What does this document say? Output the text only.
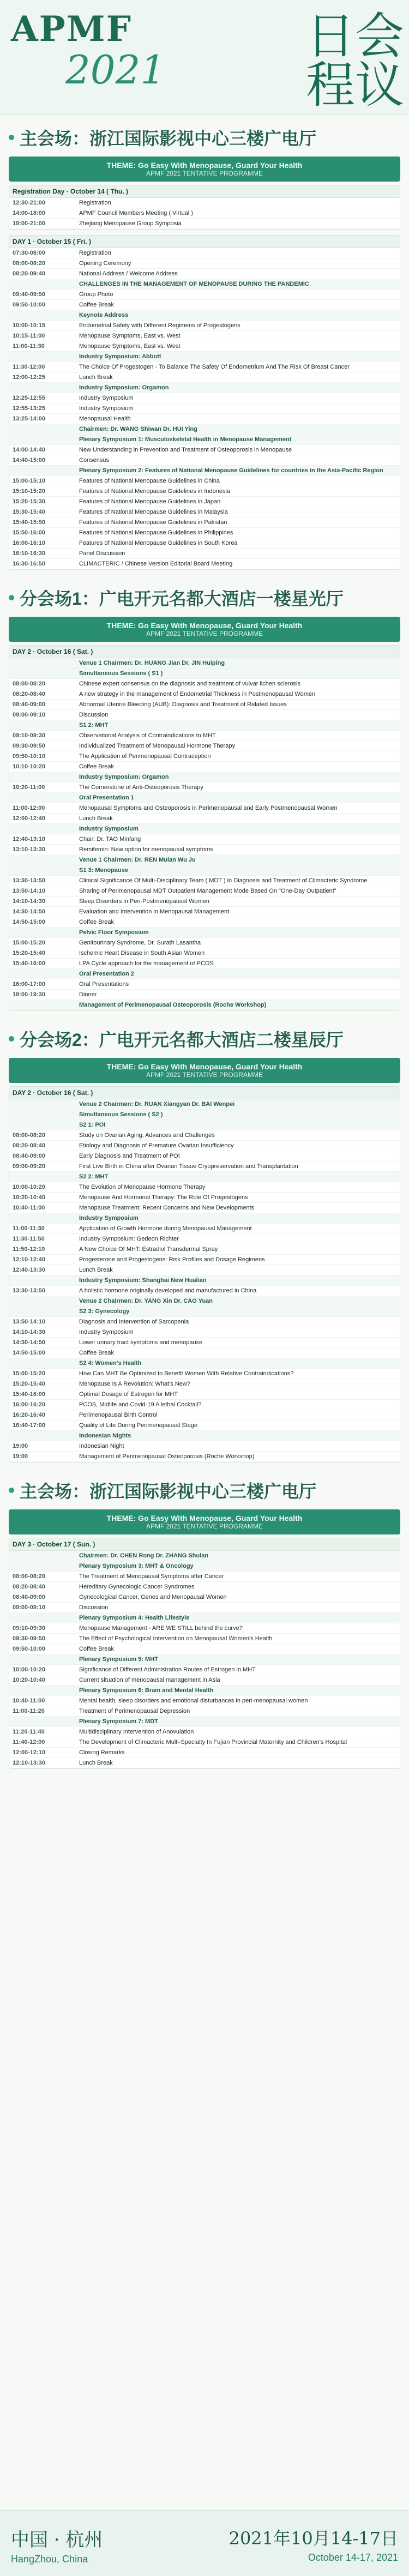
APMF
2021	会议日程
主会场：浙江国际影视中心三楼广电厅
THEME: Go Easy With Menopause, Guard Your Health
APMF 2021 TENTATIVE PROGRAMME
Registration Day · October 14 ( Thu. )
12:30-21:00	Registration
14:00-18:00	APMF Council Members Meeting ( Virtual )
19:00-21:00	Zhejiang Menopause Group Symposia
DAY 1 · October 15 ( Fri. )
07:30-08:00	Registration
08:00-08:20	Opening Ceremony
08:20-09:40	National Address / Welcome Address
	CHALLENGES IN THE MANAGEMENT OF MENOPAUSE DURING THE PANDEMIC
09:40-09:50	Group Photo
09:50-10:00	Coffee Break
	Keynote Address
10:00-10:15	Endometrial Safety with Different Regimens of Progestogens
10:15-11:00	Menopause Symptoms, East vs. West
11:00-11:30	Menopause Symptoms, East vs. West
	Industry Symposium: Abbott
11:30-12:00	The Choice Of Progestogen - To Balance The Safety Of Endometrium And The Risk Of Breast Cancer
12:00-12:25	Lunch Break
	Industry Symposium: Orgamon
12:25-12:55	Industry Symposium
12:55-13:25	Industry Symposium
13:25-14:00	Menopausal Health
	Chairmen: Dr. WANG Shiwan Dr. HUI Ying
	Plenary Symposium 1: Musculoskeletal Health in Menopause Management
14:00-14:40	New Understanding in Prevention and Treatment of Osteoporosis in Menopause
14:40-15:00	Consensus
	Plenary Symposium 2: Features of National Menopause Guidelines for countries in the Asia-Pacific Region
15:00-15:10	Features of National Menopause Guidelines in China
15:10-15:20	Features of National Menopause Guidelines in Indonesia
15:20-15:30	Features of National Menopause Guidelines in Japan
15:30-15:40	Features of National Menopause Guidelines in Malaysia
15:40-15:50	Features of National Menopause Guidelines in Pakistan
15:50-16:00	Features of National Menopause Guidelines in Philippines
16:00-16:10	Features of National Menopause Guidelines in South Korea
16:10-16:30	Panel Discussion
16:30-16:50	CLIMACTERIC / Chinese Version Editorial Board Meeting
分会场1：广电开元名都大酒店一楼星光厅
THEME: Go Easy With Menopause, Guard Your Health
APMF 2021 TENTATIVE PROGRAMME
DAY 2 · October 16 ( Sat. )
	Venue 1 Chairmen: Dr. HUANG Jian Dr. JIN Huiping
	Simultaneous Sessions ( S1 )
08:00-08:20	Chinese expert consensus on the diagnosis and treatment of vulvar lichen sclerosis
08:20-08:40	A new strategy in the management of Endometrial Thickness in Postmenopausal Women
08:40-09:00	Abnormal Uterine Bleeding (AUB): Diagnosis and Treatment of Related Issues
09:00-09:10	Discussion
	S1 2: MHT
09:10-09:30	Observational Analysis of Contraindications to MHT
09:30-09:50	Individualized Treatment of Menopausal Hormone Therapy
09:50-10:10	The Application of Perimenopausal Contraception
10:10-10:20	Coffee Break
	Industry Symposium: Orgamon
10:20-11:00	The Cornerstone of Anti-Osteoporosis Therapy
	Oral Presentation 1
11:00-12:00	Menopausal Symptoms and Osteoporosis in Perimenopausal and Early Postmenopausal Women
12:00-12:40	Lunch Break
	Industry Symposium
12:40-13:10	Chair: Dr. TAO Minfang
13:10-13:30	Remifemin: New option for menopausal symptoms
	Venue 1 Chairmen: Dr. REN Mulan Wu Ju
	S1 3: Menopause
13:30-13:50	Clinical Significance Of Multi-Disciplinary Team ( MDT ) in Diagnosis and Treatment of Climacteric Syndrome
13:50-14:10	Sharing of Perimenopausal MDT Outpatient Management Mode Based On "One-Day Outpatient"
14:10-14:30	Sleep Disorders in Peri-Postmenopausal Women
14:30-14:50	Evaluation and Intervention in Menopausal Management
14:50-15:00	Coffee Break
	Pelvic Floor Symposium
15:00-15:20	Genitourinary Syndrome, Dr. Surath Lasantha
15:20-15:40	Ischemic Heart Disease in South Asian Women
15:40-16:00	LPA Cycle approach for the management of PCOS
	Oral Presentation 2
16:00-17:00	Oral Presentations
18:00-19:30	Dinner
	Management of Perimenopausal Osteoporosis (Roche Workshop)
分会场2：广电开元名都大酒店二楼星辰厅
THEME: Go Easy With Menopause, Guard Your Health
APMF 2021 TENTATIVE PROGRAMME
DAY 2 · October 16 ( Sat. )
	Venue 2 Chairmen: Dr. RUAN Xiangyan Dr. BAI Wenpei
	Simultaneous Sessions ( S2 )
	S2 1: POI
08:00-08:20	Study on Ovarian Aging, Advances and Challenges
08:20-08:40	Etiology and Diagnosis of Premature Ovarian Insufficiency
08:40-09:00	Early Diagnosis and Treatment of POI
09:00-09:20	First Live Birth in China after Ovarian Tissue Cryopreservation and Transplantation
	S2 2: MHT
10:00-10:20	The Evolution of Menopause Hormone Therapy
10:20-10:40	Menopause And Hormonal Therapy: The Role Of Progestogens
10:40-11:00	Menopause Treatment: Recent Concerns and New Developments
	Industry Symposium
11:00-11:30	Application of Growth Hormone during Menopausal Management
11:30-11:50	Industry Symposium: Gedeon Richter
11:50-12:10	A New Choice Of MHT: Estradiol Transdermal Spray
12:10-12:40	Progesterone and Progestogens: Risk Profiles and Dosage Regimens
12:40-13:30	Lunch Break
	Industry Symposium: Shanghai New Hualian
13:30-13:50	A holistic hormone originally developed and manufactured in China
	Venue 2 Chairmen: Dr. YANG Xin Dr. CAO Yuan
	S2 3: Gynecology
13:50-14:10	Diagnosis and Intervention of Sarcopenia
14:10-14:30	Industry Symposium
14:30-14:50	Lower urinary tract symptoms and menopause
14:50-15:00	Coffee Break
	S2 4: Women's Health
15:00-15:20	How Can MHT Be Optimized to Benefit Women With Relative Contraindications?
15:20-15:40	Menopause Is A Revolution: What's New?
15:40-16:00	Optimal Dosage of Estrogen for MHT
16:00-16:20	PCOS, Midlife and Covid-19 A lethal Cocktail?
16:20-16:40	Perimenopausal Birth Control
16:40-17:00	Quality of Life During Perimenopausal Stage
	Indonesian Nights
19:00	Indonesian Night
19:00	Management of Perimenopausal Osteoporosis (Roche Workshop)
主会场：浙江国际影视中心三楼广电厅
THEME: Go Easy With Menopause, Guard Your Health
APMF 2021 TENTATIVE PROGRAMME
DAY 3 · October 17 ( Sun. )
	Chairmen: Dr. CHEN Rong Dr. ZHANG Shulan
	Plenary Symposium 3: MHT & Oncology
08:00-08:20	The Treatment of Menopausal Symptoms after Cancer
08:20-08:40	Hereditary Gynecologic Cancer Syndromes
08:40-09:00	Gynecological Cancer, Genes and Menopausal Women
09:00-09:10	Discussion
	Plenary Symposium 4: Health Lifestyle
09:10-09:30	Menopause Management - ARE WE STILL behind the curve?
09:30-09:50	The Effect of Psychological Intervention on Menopausal Women's Health
09:50-10:00	Coffee Break
	Plenary Symposium 5: MHT
10:00-10:20	Significance of Different Administration Routes of Estrogen in MHT
10:20-10:40	Current situation of menopausal management in Asia
	Plenary Symposium 6: Brain and Mental Health
10:40-11:00	Mental health, sleep disorders and emotional disturbances in peri-menopausal women
11:00-11:20	Treatment of Perimenopausal Depression
	Plenary Symposium 7: MDT
11:20-11:40	Multidisciplinary Intervention of Anovulation
11:40-12:00	The Development of Climacteric Multi-Specialty In Fujian Provincial Maternity and Children's Hospital
12:00-12:10	Closing Remarks
12:10-13:30	Lunch Break
中国 · 杭州
HangZhou, China
2021年10月14-17日
October 14-17, 2021
